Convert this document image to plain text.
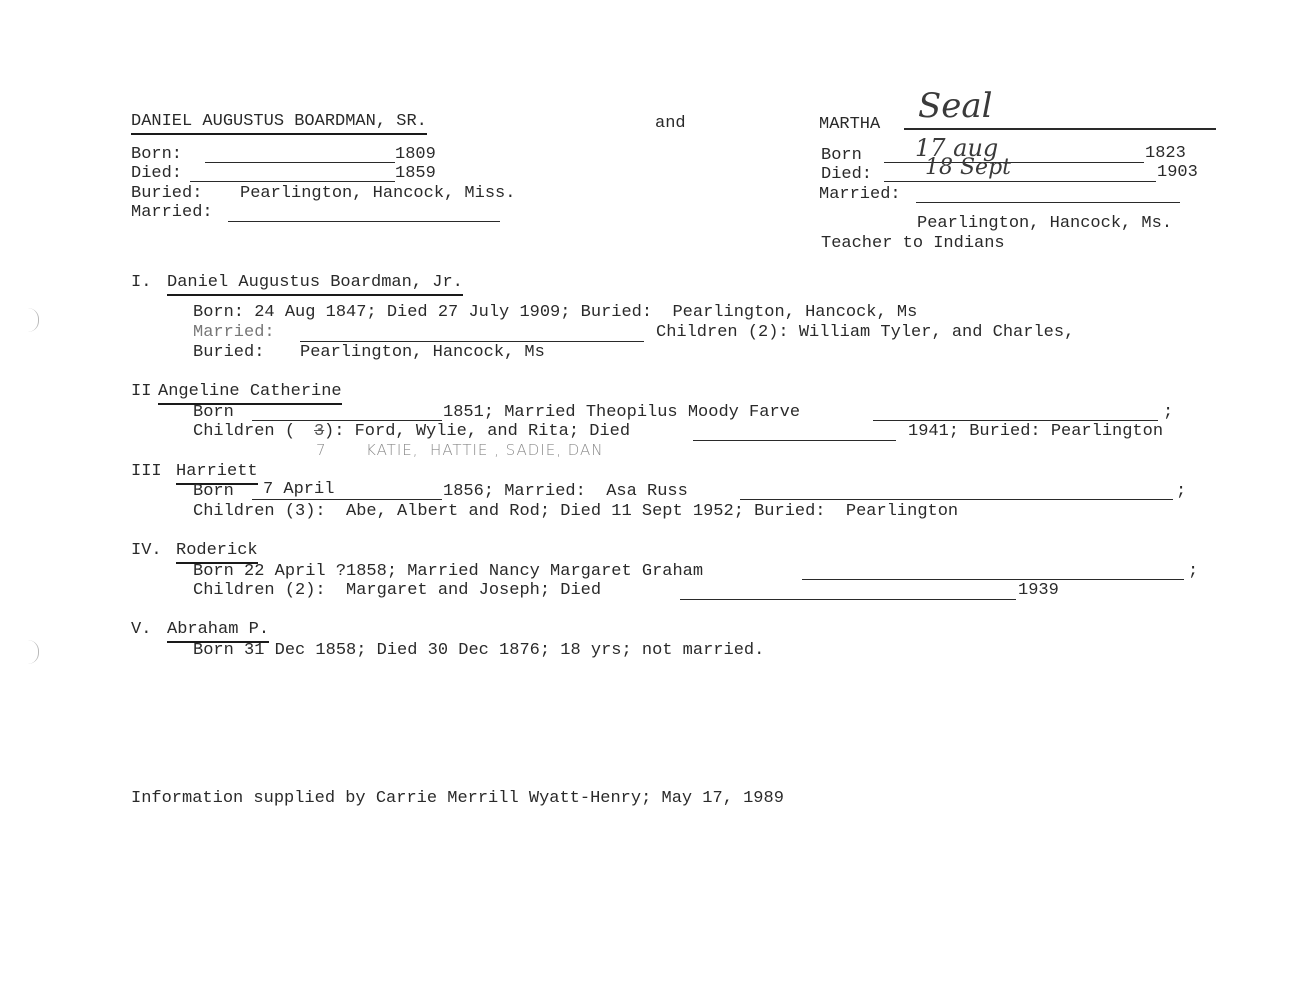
DANIEL AUGUSTUS BOARDMAN, SR.
Born:	1809
Died:	1859
Buried: Pearlington, Hancock, Miss.
Married:
and	MARTHA Seal
Born 17 aug	1823
Died: 18 Sept	1903
Married:
Pearlington, Hancock, Ms.
Teacher to Indians
I. Daniel Augustus Boardman, Jr.
Born: 24 Aug 1847; Died 27 July 1909; Buried:  Pearlington, Hancock, Ms
Married:	Children (2): William Tyler, and Charles,
Buried: Pearlington, Hancock, Ms
II Angeline Catherine
Born	1851; Married Theopilus Moody Farve	;
Children ( 3 ): Ford, Wylie, and Rita; Died	1941; Buried: Pearlington
7	KATIE,  HATTIE , SADIE, DAN
III Harriett
Born 7 April	1856; Married:  Asa Russ	;
Children (3):  Abe, Albert and Rod; Died 11 Sept 1952; Buried:  Pearlington
IV. Roderick
Born 22 April ?1858; Married Nancy Margaret Graham	;
Children (2):  Margaret and Joseph; Died	1939
V. Abraham P.
Born 31 Dec 1858; Died 30 Dec 1876; 18 yrs; not married.
Information supplied by Carrie Merrill Wyatt-Henry; May 17, 1989
